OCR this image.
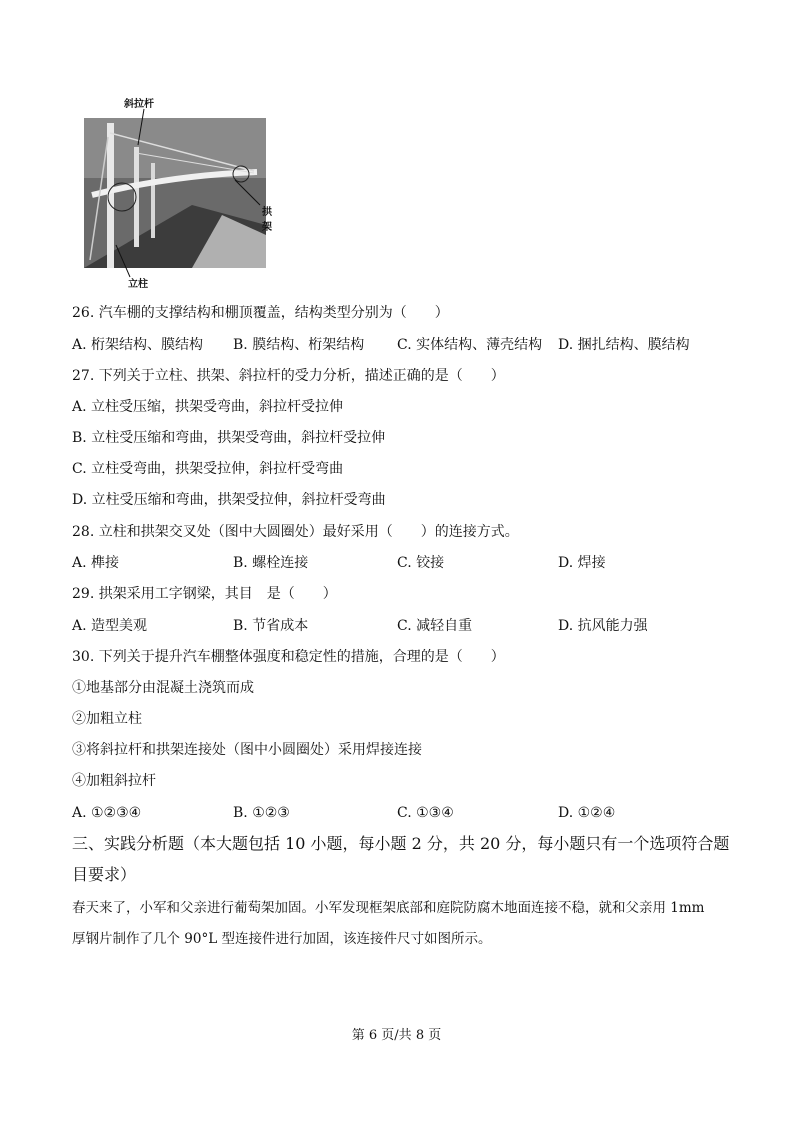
斜拉杆
拱架
立柱
26. 汽车棚的支撑结构和棚顶覆盖，结构类型分别为（　　）
A. 桁架结构、膜结构 B. 膜结构、桁架结构 C. 实体结构、薄壳结构 D. 捆扎结构、膜结构
27. 下列关于立柱、拱架、斜拉杆的受力分析，描述正确的是（　　）
A. 立柱受压缩，拱架受弯曲，斜拉杆受拉伸
B. 立柱受压缩和弯曲，拱架受弯曲，斜拉杆受拉伸
C. 立柱受弯曲，拱架受拉伸，斜拉杆受弯曲
D. 立柱受压缩和弯曲，拱架受拉伸，斜拉杆受弯曲
28. 立柱和拱架交叉处（图中大圆圈处）最好采用（　　）的连接方式。
A. 榫接	B. 螺栓连接	C. 铰接	D. 焊接
29. 拱架采用工字钢梁，其目　是（　　）
A. 造型美观	B. 节省成本	C. 减轻自重	D. 抗风能力强
30. 下列关于提升汽车棚整体强度和稳定性的措施，合理的是（　　）
①地基部分由混凝土浇筑而成
②加粗立柱
③将斜拉杆和拱架连接处（图中小圆圈处）采用焊接连接
④加粗斜拉杆
A. ①②③④	B. ①②③	C. ①③④	D. ①②④
三、实践分析题（本大题包括 10 小题，每小题 2 分，共 20 分，每小题只有一个选项符合题
目要求）
春天来了，小军和父亲进行葡萄架加固。小军发现框架底部和庭院防腐木地面连接不稳，就和父亲用 1mm
厚钢片制作了几个 90°L 型连接件进行加固，该连接件尺寸如图所示。
第 6 页/共 8 页
